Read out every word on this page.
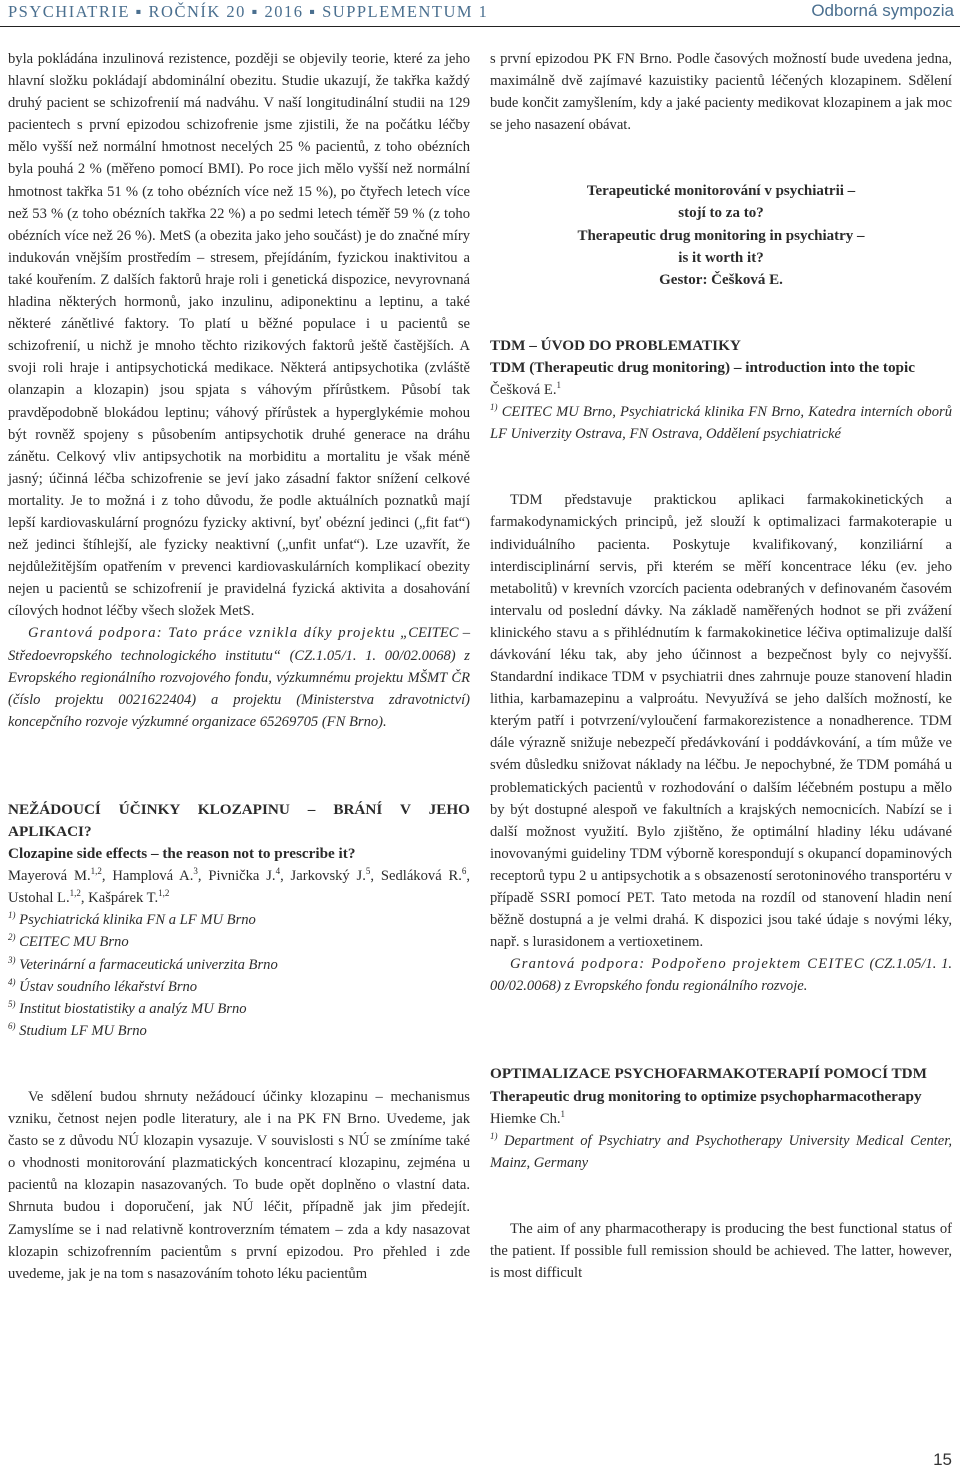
PSYCHIATRIE ▪ ROČNÍK 20 ▪ 2016 ▪ SUPPLEMENTUM 1	Odborná sympozia

byla pokládána inzulinová rezistence, později se objevily teorie, které za jeho hlavní složku pokládají abdominální obezitu. Studie ukazují, že takřka každý druhý pacient se schizofrenií má nadváhu. V naší longitudinální studii na 129 pacientech s první epizodou schizofrenie jsme zjistili, že na počátku léčby mělo vyšší než normální hmotnost necelých 25 % pacientů, z toho obézních byla pouhá 2 % (měřeno pomocí BMI). Po roce jich mělo vyšší než normální hmotnost takřka 51 % (z toho obézních více než 15 %), po čtyřech letech více než 53 % (z toho obézních takřka 22 %) a po sedmi letech téměř 59 % (z toho obézních více než 26 %). MetS (a obezita jako jeho součást) je do značné míry indukován vnějším prostředím – stresem, přejídáním, fyzickou inaktivitou a také kouřením. Z dalších faktorů hraje roli i genetická dispozice, nevyrovnaná hladina některých hormonů, jako inzulinu, adiponektinu a leptinu, a také některé zánětlivé faktory. To platí u běžné populace i u pacientů se schizofrenií, u nichž je mnoho těchto rizikových faktorů ještě častějších. A svoji roli hraje i antipsychotická medikace. Některá antipsychotika (zvláště olanzapin a klozapin) jsou spjata s váhovým přírůstkem. Působí tak pravděpodobně blokádou leptinu; váhový přírůstek a hyperglykémie mohou být rovněž spojeny s působením antipsychotik druhé generace na dráhu zánětu. Celkový vliv antipsychotik na morbiditu a mortalitu je však méně jasný; účinná léčba schizofrenie se jeví jako zásadní faktor snížení celkové mortality. Je to možná i z toho důvodu, že podle aktuálních poznatků mají lepší kardiovaskulární prognózu fyzicky aktivní, byť obézní jedinci („fit fat“) než jedinci štíhlejší, ale fyzicky neaktivní („unfit unfat“). Lze uzavřít, že nejdůležitějším opatřením v prevenci kardiovaskulárních komplikací obezity nejen u pacientů se schizofrenií je pravidelná fyzická aktivita a dosahování cílových hodnot léčby všech složek MetS.

Grantová podpora: Tato práce vznikla díky projektu „CEITEC – Středoevropského technologického institutu“ (CZ.1.05/1. 1. 00/02.0068) z Evropského regionálního rozvojového fondu, výzkumnému projektu MŠMT ČR (číslo projektu 0021622404) a projektu (Ministerstva zdravotnictví) koncepčního rozvoje výzkumné organizace 65269705 (FN Brno).

NEŽÁDOUCÍ ÚČINKY KLOZAPINU – BRÁNÍ V JEHO APLIKACI?

Clozapine side effects – the reason not to prescribe it?

Mayerová M.$^{1,2}$, Hamplová A.$^3$, Pivnička J.$^4$, Jarkovský J.$^5$, Sedláková R.$^6$, Ustohal L.$^{1,2}$, Kašpárek T.$^{1,2}$

$^{1)}$ Psychiatrická klinika FN a LF MU Brno

$^{2)}$ CEITEC MU Brno

$^{3)}$ Veterinární a farmaceutická univerzita Brno

$^{4)}$ Ústav soudního lékařství Brno

$^{5)}$ Institut biostatistiky a analýz MU Brno

$^{6)}$ Studium LF MU Brno

Ve sdělení budou shrnuty nežádoucí účinky klozapinu – mechanismus vzniku, četnost nejen podle literatury, ale i na PK FN Brno. Uvedeme, jak často se z důvodu NÚ klozapin vysazuje. V souvislosti s NÚ se zmíníme také o vhodnosti monitorování plazmatických koncentrací klozapinu, zejména u pacientů na klozapin nasazovaných. To bude opět doplněno o vlastní data. Shrnuta budou i doporučení, jak NÚ léčit, případně jak jim předejít. Zamyslíme se i nad relativně kontroverzním tématem – zda a kdy nasazovat klozapin schizofrenním pacientům s první epizodou. Pro přehled i zde uvedeme, jak je na tom s nasazováním tohoto léku pacientům

s první epizodou PK FN Brno. Podle časových možností bude uvedena jedna, maximálně dvě zajímavé kazuistiky pacientů léčených klozapinem. Sdělení bude končit zamyšlením, kdy a jaké pacienty medikovat klozapinem a jak moc se jeho nasazení obávat.

Terapeutické monitorování v psychiatrii –

stojí to za to?

Therapeutic drug monitoring in psychiatry –

is it worth it?

Gestor: Češková E.

TDM – ÚVOD DO PROBLEMATIKY

TDM (Therapeutic drug monitoring) – introduction into the topic

Češková E.$^1$

$^{1)}$ CEITEC MU Brno, Psychiatrická klinika FN Brno, Katedra interních oborů LF Univerzity Ostrava, FN Ostrava, Oddělení psychiatrické

TDM představuje praktickou aplikaci farmakokinetických a farmakodynamických principů, jež slouží k optimalizaci farmakoterapie u individuálního pacienta. Poskytuje kvalifikovaný, konziliární a interdisciplinární servis, při kterém se měří koncentrace léku (ev. jeho metabolitů) v krevních vzorcích pacienta odebraných v definovaném časovém intervalu od poslední dávky. Na základě naměřených hodnot se při zvážení klinického stavu a s přihlédnutím k farmakokinetice léčiva optimalizuje další dávkování léku tak, aby jeho účinnost a bezpečnost byly co nejvyšší. Standardní indikace TDM v psychiatrii dnes zahrnuje pouze stanovení hladin lithia, karbamazepinu a valproátu. Nevyužívá se jeho dalších možností, ke kterým patří i potvrzení/vyloučení farmakorezistence a nonadherence. TDM dále výrazně snižuje nebezpečí předávkování i poddávkování, a tím může ve svém důsledku snižovat náklady na léčbu. Je nepochybné, že TDM pomáhá u problematických pacientů v rozhodování o dalším léčebném postupu a mělo by být dostupné alespoň ve fakultních a krajských nemocnicích. Nabízí se i další možnost využití. Bylo zjištěno, že optimální hladiny léku udávané inovovanými guideliny TDM výborně korespondují s okupancí dopaminových receptorů typu 2 u antipsychotik a s obsazeností serotoninového transportéru v případě SSRI pomocí PET. Tato metoda na rozdíl od stanovení hladin není běžně dostupná a je velmi drahá. K dispozici jsou také údaje s novými léky, např. s lurasidonem a vertioxetinem.

Grantová podpora: Podpořeno projektem CEITEC (CZ.1.05/1. 1. 00/02.0068) z Evropského fondu regionálního rozvoje.

OPTIMALIZACE PSYCHOFARMAKOTERAPIÍ POMOCÍ TDM

Therapeutic drug monitoring to optimize psychopharmacotherapy

Hiemke Ch.$^1$

$^{1)}$ Department of Psychiatry and Psychotherapy University Medical Center, Mainz, Germany

The aim of any pharmacotherapy is producing the best functional status of the patient. If possible full remission should be achieved. The latter, however, is most difficult

15
